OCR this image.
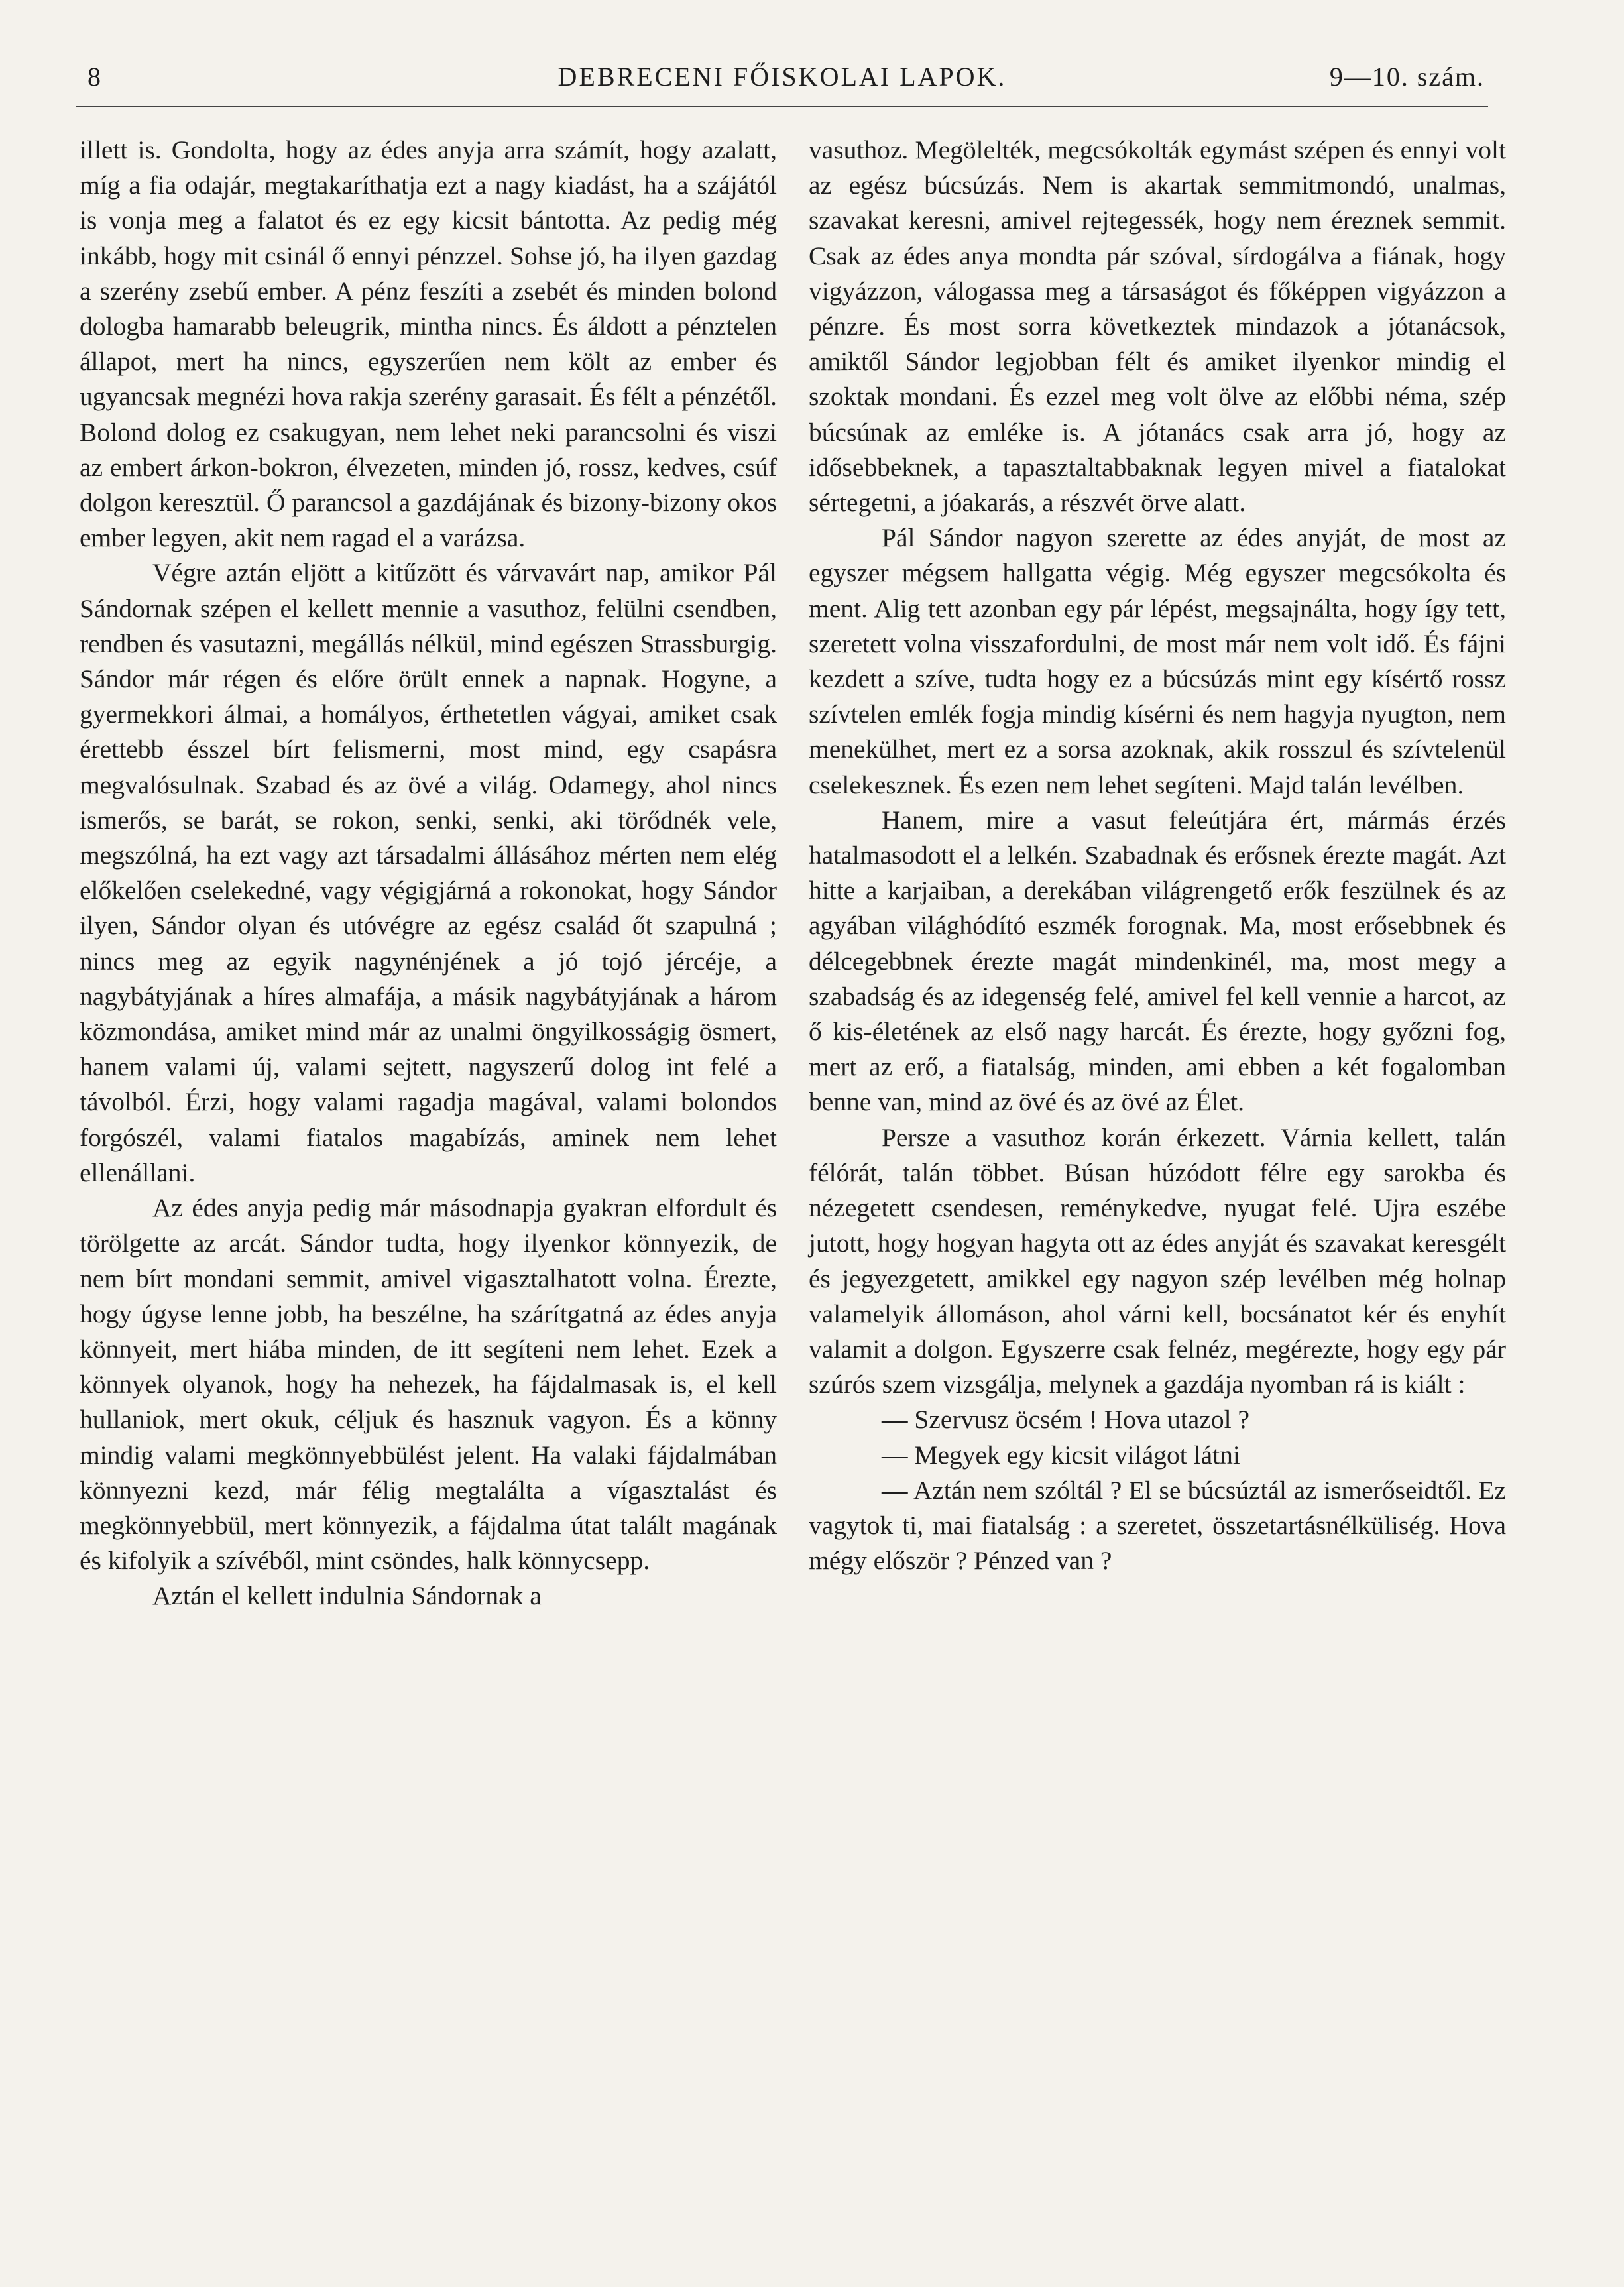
8	DEBRECENI FŐISKOLAI LAPOK.	9—10. szám.

illett is. Gondolta, hogy az édes anyja arra számít, hogy azalatt, míg a fia odajár, megtakaríthatja ezt a nagy kiadást, ha a szájától is vonja meg a falatot és ez egy kicsit bántotta. Az pedig még inkább, hogy mit csinál ő ennyi pénzzel. Sohse jó, ha ilyen gazdag a szerény zsebű ember. A pénz feszíti a zsebét és minden bolond dologba hamarabb beleugrik, mintha nincs. És áldott a pénztelen állapot, mert ha nincs, egyszerűen nem költ az ember és ugyancsak megnézi hova rakja szerény garasait. És félt a pénzétől. Bolond dolog ez csakugyan, nem lehet neki parancsolni és viszi az embert árkon-bokron, élvezeten, minden jó, rossz, kedves, csúf dolgon keresztül. Ő parancsol a gazdájának és bizony-bizony okos ember legyen, akit nem ragad el a varázsa.

Végre aztán eljött a kitűzött és várvavárt nap, amikor Pál Sándornak szépen el kellett mennie a vasuthoz, felülni csendben, rendben és vasutazni, megállás nélkül, mind egészen Strassburgig. Sándor már régen és előre örült ennek a napnak. Hogyne, a gyermekkori álmai, a homályos, érthetetlen vágyai, amiket csak érettebb ésszel bírt felismerni, most mind, egy csapásra megvalósulnak. Szabad és az övé a világ. Odamegy, ahol nincs ismerős, se barát, se rokon, senki, senki, aki törődnék vele, megszólná, ha ezt vagy azt társadalmi állásához mérten nem elég előkelően cselekedné, vagy végigjárná a rokonokat, hogy Sándor ilyen, Sándor olyan és utóvégre az egész család őt szapulná ; nincs meg az egyik nagynénjének a jó tojó jércéje, a nagybátyjának a híres almafája, a másik nagybátyjának a három közmondása, amiket mind már az unalmi öngyilkosságig ösmert, hanem valami új, valami sejtett, nagyszerű dolog int felé a távolból. Érzi, hogy valami ragadja magával, valami bolondos forgószél, valami fiatalos magabízás, aminek nem lehet ellenállani.

Az édes anyja pedig már másodnapja gyakran elfordult és törölgette az arcát. Sándor tudta, hogy ilyenkor könnyezik, de nem bírt mondani semmit, amivel vigasztalhatott volna. Érezte, hogy úgyse lenne jobb, ha beszélne, ha szárítgatná az édes anyja könnyeit, mert hiába minden, de itt segíteni nem lehet. Ezek a könnyek olyanok, hogy ha nehezek, ha fájdalmasak is, el kell hullaniok, mert okuk, céljuk és hasznuk vagyon. És a könny mindig valami megkönnyebbülést jelent. Ha valaki fájdalmában könnyezni kezd, már félig megtalálta a vígasztalást és megkönnyebbül, mert könnyezik, a fájdalma útat talált magának és kifolyik a szívéből, mint csöndes, halk könnycsepp.

Aztán el kellett indulnia Sándornak a

vasuthoz. Megölelték, megcsókolták egymást szépen és ennyi volt az egész búcsúzás. Nem is akartak semmitmondó, unalmas, szavakat keresni, amivel rejtegessék, hogy nem éreznek semmit. Csak az édes anya mondta pár szóval, sírdogálva a fiának, hogy vigyázzon, válogassa meg a társaságot és főképpen vigyázzon a pénzre. És most sorra következtek mindazok a jótanácsok, amiktől Sándor legjobban félt és amiket ilyenkor mindig el szoktak mondani. És ezzel meg volt ölve az előbbi néma, szép búcsúnak az emléke is. A jótanács csak arra jó, hogy az idősebbeknek, a tapasztaltabbaknak legyen mivel a fiatalokat sértegetni, a jóakarás, a részvét örve alatt.

Pál Sándor nagyon szerette az édes anyját, de most az egyszer mégsem hallgatta végig. Még egyszer megcsókolta és ment. Alig tett azonban egy pár lépést, megsajnálta, hogy így tett, szeretett volna visszafordulni, de most már nem volt idő. És fájni kezdett a szíve, tudta hogy ez a búcsúzás mint egy kísértő rossz szívtelen emlék fogja mindig kísérni és nem hagyja nyugton, nem menekülhet, mert ez a sorsa azoknak, akik rosszul és szívtelenül cselekesznek. És ezen nem lehet segíteni. Majd talán levélben.

Hanem, mire a vasut feleútjára ért, mármás érzés hatalmasodott el a lelkén. Szabadnak és erősnek érezte magát. Azt hitte a karjaiban, a derekában világrengető erők feszülnek és az agyában világhódító eszmék forognak. Ma, most erősebbnek és délcegebbnek érezte magát mindenkinél, ma, most megy a szabadság és az idegenség felé, amivel fel kell vennie a harcot, az ő kis-életének az első nagy harcát. És érezte, hogy győzni fog, mert az erő, a fiatalság, minden, ami ebben a két fogalomban benne van, mind az övé és az övé az Élet.

Persze a vasuthoz korán érkezett. Várnia kellett, talán félórát, talán többet. Búsan húzódott félre egy sarokba és nézegetett csendesen, reménykedve, nyugat felé. Ujra eszébe jutott, hogy hogyan hagyta ott az édes anyját és szavakat keresgélt és jegyezgetett, amikkel egy nagyon szép levélben még holnap valamelyik állomáson, ahol várni kell, bocsánatot kér és enyhít valamit a dolgon. Egyszerre csak felnéz, megérezte, hogy egy pár szúrós szem vizsgálja, melynek a gazdája nyomban rá is kiált :

— Szervusz öcsém ! Hova utazol ?

— Megyek egy kicsit világot látni

— Aztán nem szóltál ? El se búcsúztál az ismerőseidtől. Ez vagytok ti, mai fiatalság : a szeretet, összetartásnélküliség. Hova mégy először ? Pénzed van ?
